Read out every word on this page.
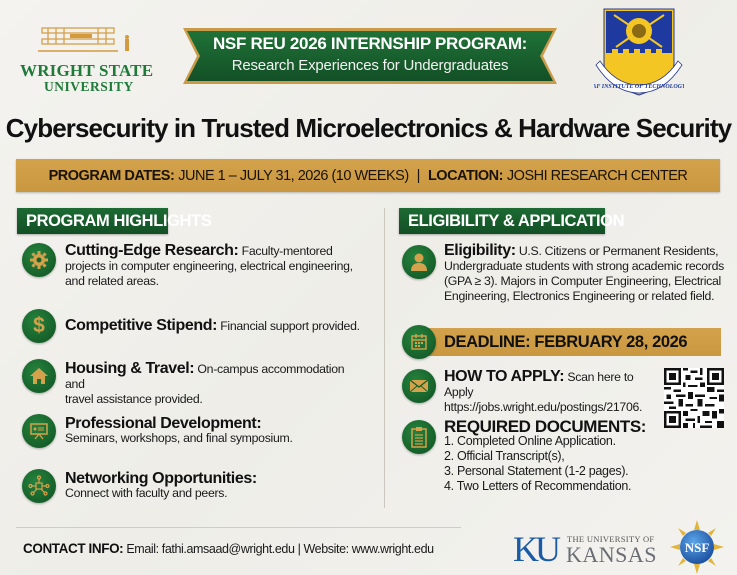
WRIGHT STATE
UNIVERSITY
NSF REU 2026 INTERNSHIP PROGRAM:
Research Experiences for Undergraduates
AF INSTITUTE OF TECHNOLOGY
Cybersecurity in Trusted Microelectronics & Hardware Security
PROGRAM DATES: JUNE 1 – JULY 31, 2026 (10 WEEKS) | LOCATION: JOSHI RESEARCH CENTER
PROGRAM HIGHLIGHTS	ELIGIBILITY & APPLICATION
Cutting-Edge Research: Faculty-mentored
projects in computer engineering, electrical engineering, and related areas.
$ Competitive Stipend: Financial support provided.
Housing & Travel: On-campus accommodation and
travel assistance provided.
Professional Development:
Seminars, workshops, and final symposium.
Networking Opportunities:
Connect with faculty and peers.
Eligibility: U.S. Citizens or Permanent Residents,
Undergraduate students with strong academic records (GPA ≥ 3). Majors in Computer Engineering, Electrical Engineering, Electronics Engineering or related field.
DEADLINE: FEBRUARY 28, 2026
HOW TO APPLY: Scan here to Apply
https://jobs.wright.edu/postings/21706.
REQUIRED DOCUMENTS:
1. Completed Online Application.
2. Official Transcript(s),
3. Personal Statement (1-2 pages).
4. Two Letters of Recommendation.
CONTACT INFO: Email: fathi.amsaad@wright.edu | Website: www.wright.edu KU THE UNIVERSITY OF
KANSAS NSF
